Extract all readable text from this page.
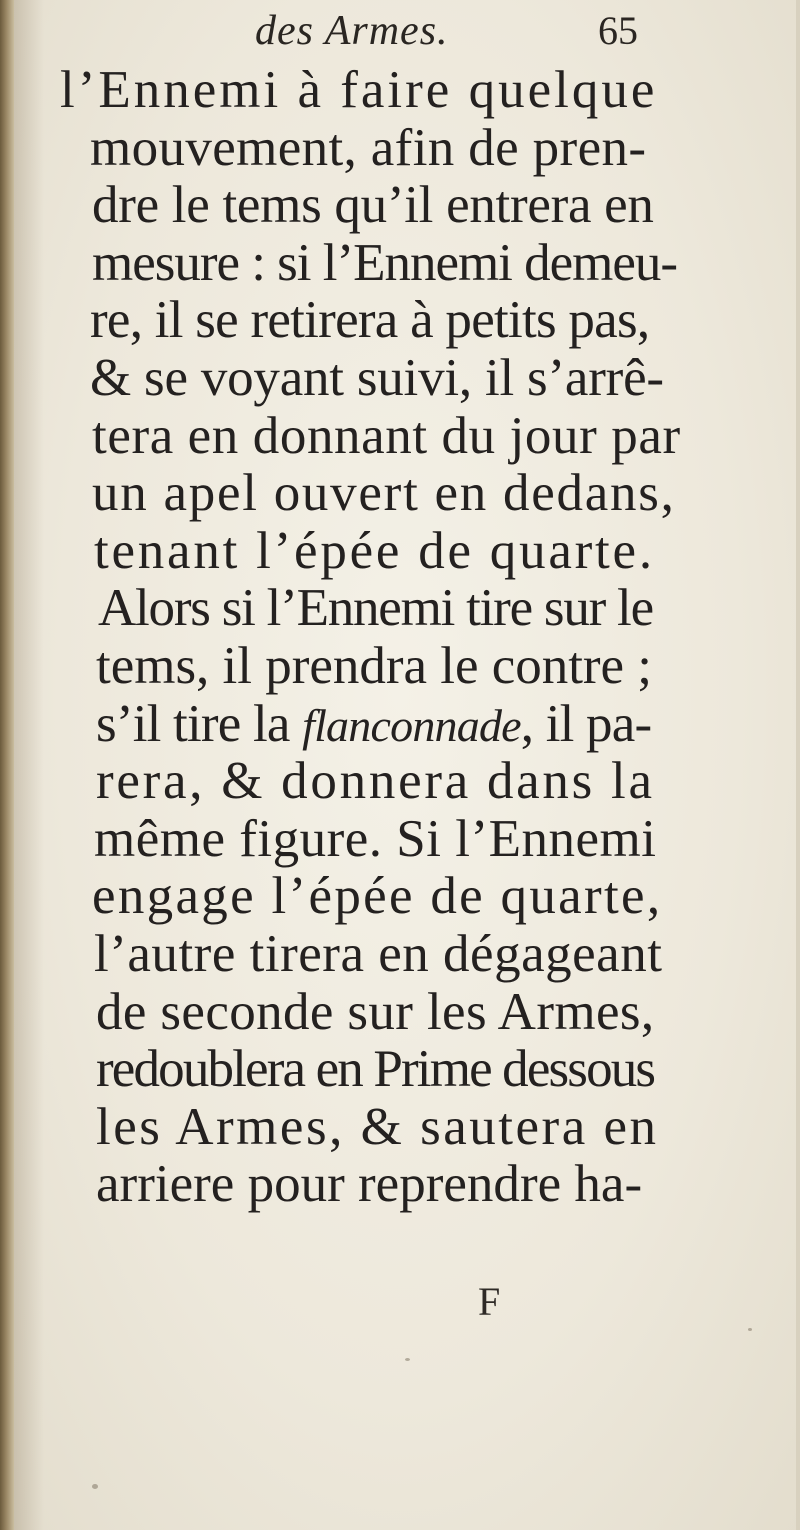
des Armes.	65
l’Ennemi à faire quelque
mouvement, afin de pren-
dre le tems qu’il entrera en
mesure : si l’Ennemi demeu-
re, il se retirera à petits pas,
& se voyant suivi, il s’arrê-
tera en donnant du jour par
un apel ouvert en dedans,
tenant l’épée de quarte.
Alors si l’Ennemi tire sur le
tems, il prendra le contre ;
s’il tire la flanconnade, il pa-
rera, & donnera dans la
même figure. Si l’Ennemi
engage l’épée de quarte,
l’autre tirera en dégageant
de seconde sur les Armes,
redoublera en Prime dessous
les Armes, & sautera en
arriere pour reprendre ha-
F
